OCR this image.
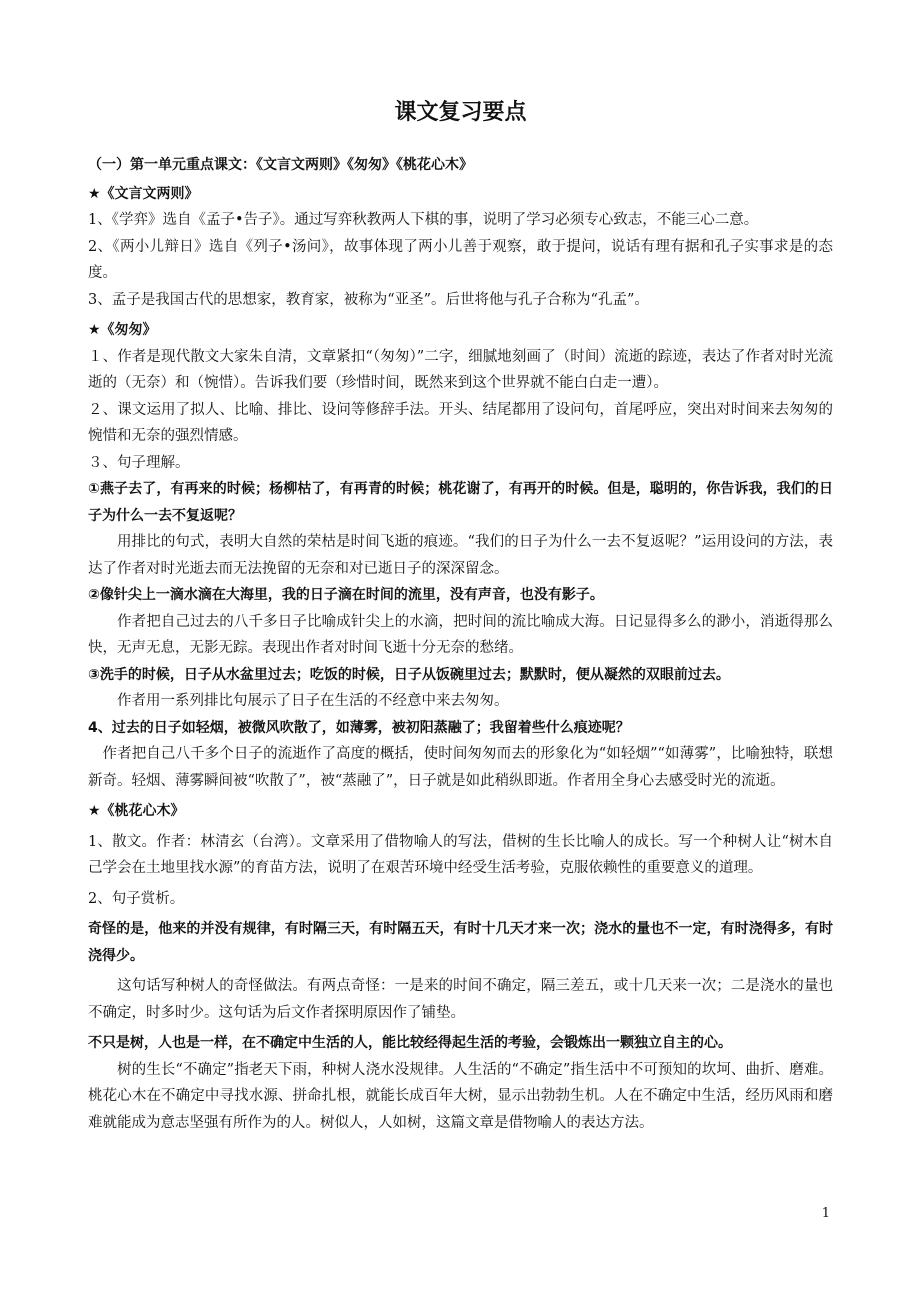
课文复习要点

（一）第一单元重点课文：《文言文两则》《匆匆》《桃花心木》

★《文言文两则》

1、《学弈》选自《孟子•告子》。通过写弈秋教两人下棋的事，说明了学习必须专心致志，不能三心二意。

2、《两小儿辩日》选自《列子•汤问》，故事体现了两小儿善于观察，敢于提问，说话有理有据和孔子实事求是的态度。

3、孟子是我国古代的思想家，教育家，被称为“亚圣”。后世将他与孔子合称为“孔孟”。

★《匆匆》

１、作者是现代散文大家朱自清，文章紧扣“（匆匆）”二字，细腻地刻画了（时间）流逝的踪迹，表达了作者对时光流逝的（无奈）和（惋惜）。告诉我们要（珍惜时间，既然来到这个世界就不能白白走一遭）。

２、课文运用了拟人、比喻、排比、设问等修辞手法。开头、结尾都用了设问句，首尾呼应，突出对时间来去匆匆的惋惜和无奈的强烈情感。

３、句子理解。

①燕子去了，有再来的时候；杨柳枯了，有再青的时候；桃花谢了，有再开的时候。但是，聪明的，你告诉我，我们的日子为什么一去不复返呢？

用排比的句式，表明大自然的荣枯是时间飞逝的痕迹。“我们的日子为什么一去不复返呢？”运用设问的方法，表达了作者对时光逝去而无法挽留的无奈和对已逝日子的深深留念。

②像针尖上一滴水滴在大海里，我的日子滴在时间的流里，没有声音，也没有影子。

作者把自己过去的八千多日子比喻成针尖上的水滴，把时间的流比喻成大海。日记显得多么的渺小，消逝得那么快，无声无息，无影无踪。表现出作者对时间飞逝十分无奈的愁绪。

③洗手的时候，日子从水盆里过去；吃饭的时候，日子从饭碗里过去；默默时，便从凝然的双眼前过去。

作者用一系列排比句展示了日子在生活的不经意中来去匆匆。

4、过去的日子如轻烟，被微风吹散了，如薄雾，被初阳蒸融了；我留着些什么痕迹呢？

作者把自己八千多个日子的流逝作了高度的概括，使时间匆匆而去的形象化为“如轻烟”“如薄雾”，比喻独特，联想新奇。轻烟、薄雾瞬间被“吹散了”，被“蒸融了”，日子就是如此稍纵即逝。作者用全身心去感受时光的流逝。

★《桃花心木》

1、散文。作者：林清玄（台湾）。文章采用了借物喻人的写法，借树的生长比喻人的成长。写一个种树人让“树木自己学会在土地里找水源”的育苗方法，说明了在艰苦环境中经受生活考验，克服依赖性的重要意义的道理。

2、句子赏析。

奇怪的是，他来的并没有规律，有时隔三天，有时隔五天，有时十几天才来一次；浇水的量也不一定，有时浇得多，有时浇得少。

这句话写种树人的奇怪做法。有两点奇怪：一是来的时间不确定，隔三差五，或十几天来一次；二是浇水的量也不确定，时多时少。这句话为后文作者探明原因作了铺垫。

不只是树，人也是一样，在不确定中生活的人，能比较经得起生活的考验，会锻炼出一颗独立自主的心。

树的生长“不确定”指老天下雨，种树人浇水没规律。人生活的“不确定”指生活中不可预知的坎坷、曲折、磨难。桃花心木在不确定中寻找水源、拼命扎根，就能长成百年大树，显示出勃勃生机。人在不确定中生活，经历风雨和磨难就能成为意志坚强有所作为的人。树似人，人如树，这篇文章是借物喻人的表达方法。

1
